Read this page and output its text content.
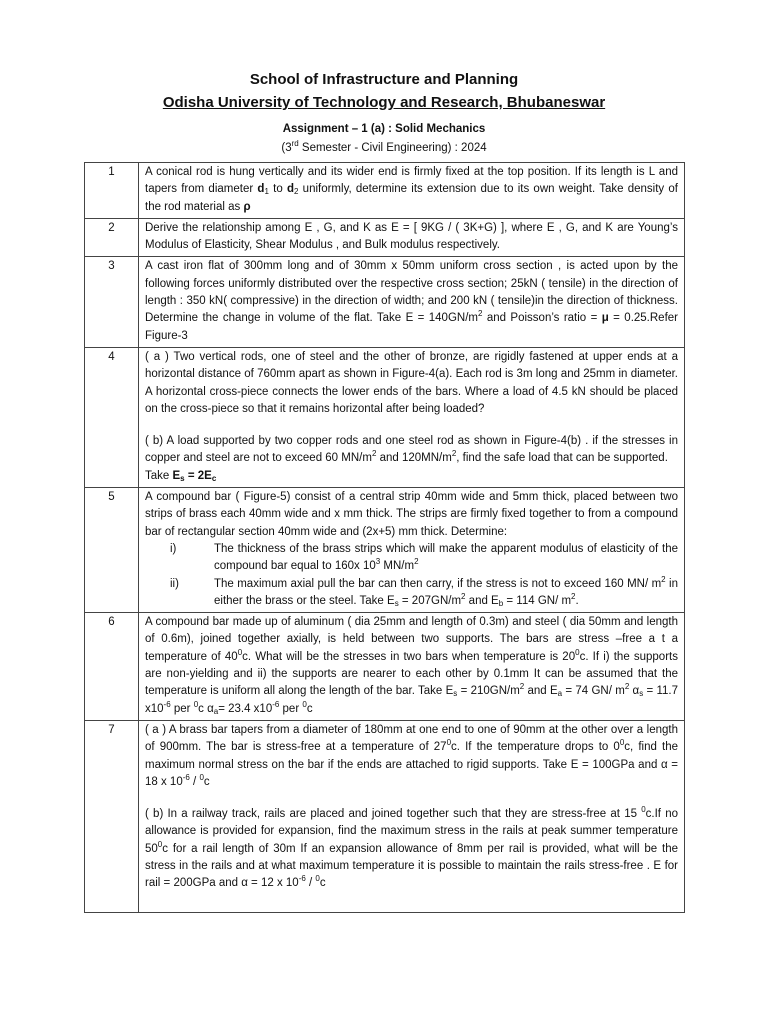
School of Infrastructure and Planning
Odisha University of Technology and Research, Bhubaneswar
Assignment – 1 (a) : Solid Mechanics
(3rd Semester - Civil Engineering) : 2024
1	A conical rod is hung vertically and its wider end is firmly fixed at the top position. If its length is L and tapers from diameter $d_1$ to $d_2$ uniformly, determine its extension due to its own weight. Take density of the rod material as ρ
2	Derive the relationship among E , G, and K as E = [ 9KG / ( 3K+G) ], where E , G, and K are Young’s Modulus of Elasticity, Shear Modulus , and Bulk modulus respectively.
3	A cast iron flat of 300mm long and of 30mm x 50mm uniform cross section , is acted upon by the following forces uniformly distributed over the respective cross section; 25kN ( tensile) in the direction of length : 350 kN( compressive) in the direction of width; and 200 kN ( tensile)in the direction of thickness. Determine the change in volume of the flat. Take $E = 140GN/m^2$ and Poisson’s ratio = μ = 0.25.Refer Figure-3
4	( a ) Two vertical rods, one of steel and the other of bronze, are rigidly fastened at upper ends at a horizontal distance of 760mm apart as shown in Figure-4(a). Each rod is 3m long and 25mm in diameter. A horizontal cross-piece connects the lower ends of the bars. Where a load of 4.5 kN should be placed on the cross-piece so that it remains horizontal after being loaded?
( b) A load supported by two copper rods and one steel rod as shown in Figure-4(b) . if the stresses in copper and steel are not to exceed 60 $MN/m^2$ and $120MN/m^2$, find the safe load that can be supported.
Take $E_s = 2E_c$

5	A compound bar ( Figure-5) consist of a central strip 40mm wide and 5mm thick, placed between two strips of brass each 40mm wide and x mm thick. The strips are firmly fixed together to from a compound bar of rectangular section 40mm wide and (2x+5) mm thick. Determine:
i) The thickness of the brass strips which will make the apparent modulus of elasticity of the compound bar equal to 160x $10^3$ $MN/m^2$
ii) The maximum axial pull the bar can then carry, if the stress is not to exceed 160 MN/ $m^2$ in either the brass or the steel. Take $E_s = 207GN/m^2$ and $E_b = 114$ GN/ $m^2$.

6	A compound bar made up of aluminum ( dia 25mm and length of 0.3m) and steel ( dia 50mm and length of 0.6m), joined together axially, is held between two supports. The bars are stress –free a t a temperature of $40^0c$. What will be the stresses in two bars when temperature is $20^0c$. If i) the supports are non-yielding and ii) the supports are nearer to each other by 0.1mm It can be assumed that the temperature is uniform all along the length of the bar. Take $E_s = 210GN/m^2$ and $E_a = 74$ GN/ $m^2$ $\alpha_s = 11.7$ $x10^{-6}$ per $^0$c $\alpha_a= 23.4$ $x10^{-6}$ per $^0$c
7	( a ) A brass bar tapers from a diameter of 180mm at one end to one of 90mm at the other over a length of 900mm. The bar is stress-free at a temperature of $27^0c$. If the temperature drops to $0^0c$, find the maximum normal stress on the bar if the ends are attached to rigid supports. Take E = 100GPa and α = 18 x $10^{-6} / ^0c$
( b) In a railway track, rails are placed and joined together such that they are stress-free at 15 $^0$c.If no allowance is provided for expansion, find the maximum stress in the rails at peak summer temperature $50^0c$ for a rail length of 30m If an expansion allowance of 8mm per rail is provided, what will be the stress in the rails and at what maximum temperature it is possible to maintain the rails stress-free . E for rail = 200GPa and α = 12 x $10^{-6} / ^0c$
